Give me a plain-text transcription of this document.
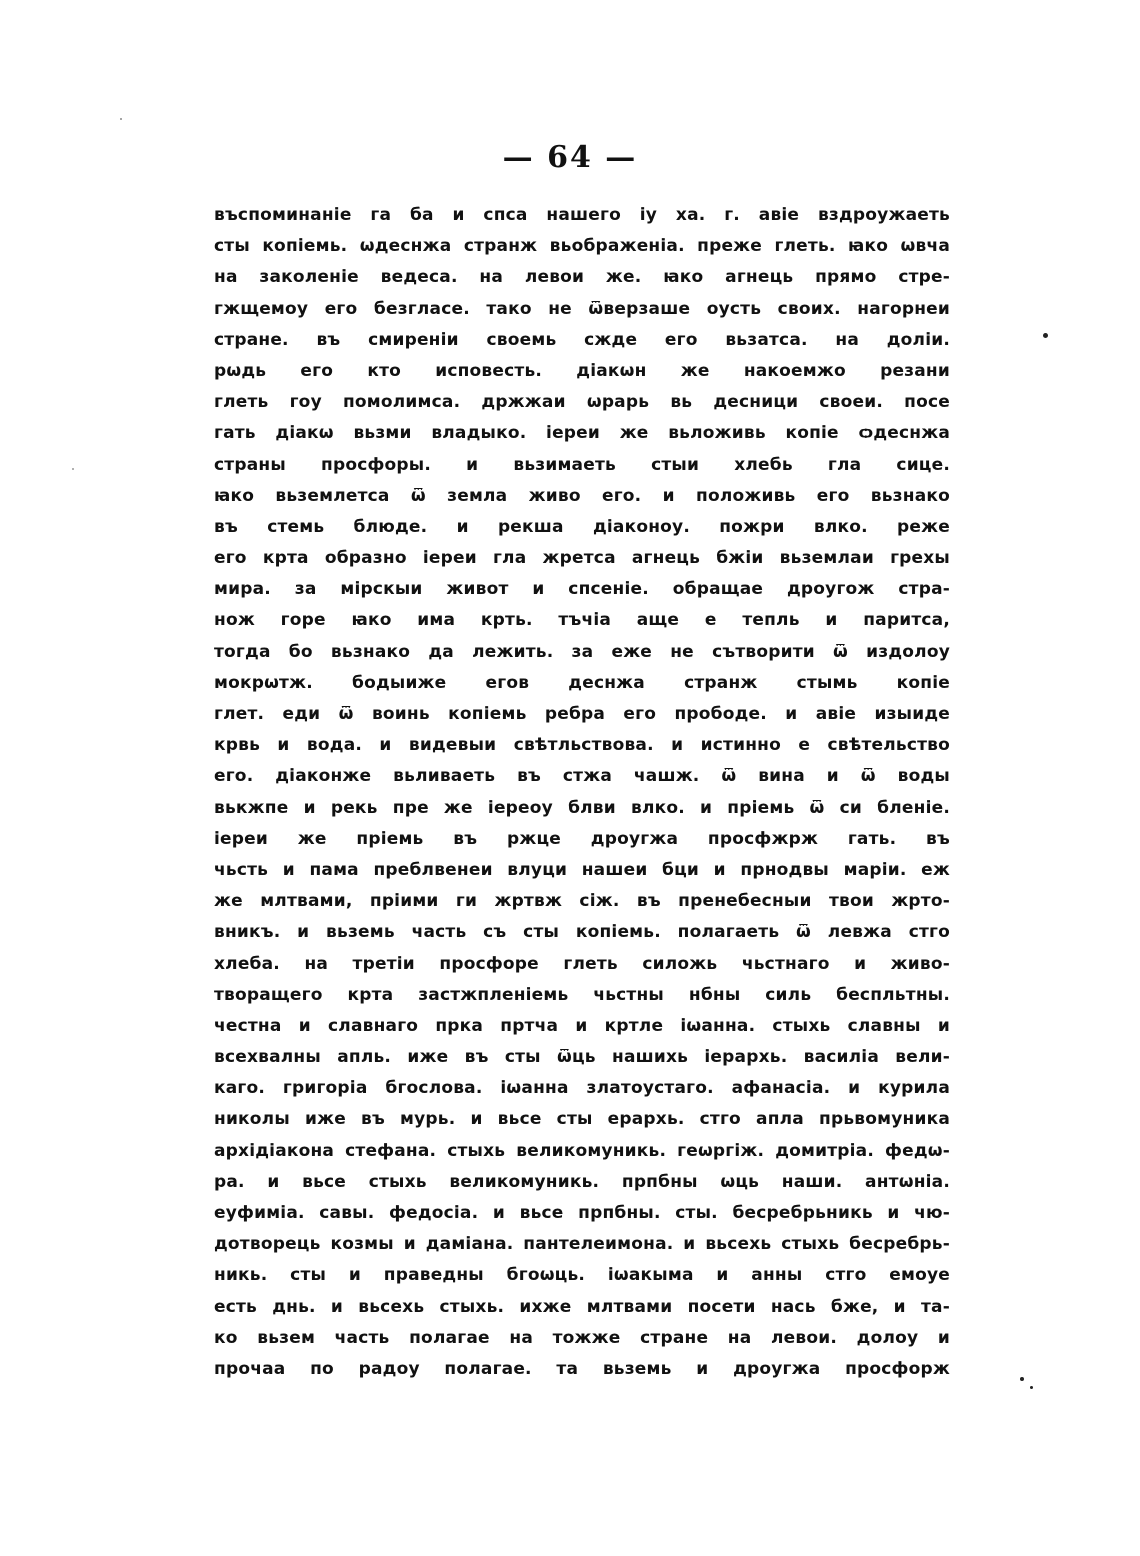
— 64 —
въспоминаніе га ба и спса нашего іу ха. г. авіе вздроужаеть
сты копіемь. ѡдеснжа странж вьображеніа. преже глеть. ꙗко ѡвча
на заколеніе ведеса. на левои же. ꙗко агнець прямо стре-
гжщемоу его безгласе. тако не ѿверзаше оусть своих. нагорнеи
стране. въ смиреніи своемь сжде его вьзатса. на доліи.
рѡдь его кто исповесть. діакѡн же накоемжо резани
глеть гоу помолимса. држжаи ѡрарь вь десници своеи. посе
гать діакѡ вьзми владыко. іереи же вьложивь копіе ѻдеснжа
страны просфоры. и вьзимаеть стыи хлебь гла сице.
ꙗко вьземлетса ѿ земла живо его. и положивь его вьзнако
въ стемь блюде. и рекша діаконоу. пожри влко. реже
его крта образно іереи гла жретса агнець бжіи вьземлаи грехы
мира. за мірскыи живот и спсеніе. обращае дроугож стра-
нож горе ꙗко има крть. тъчіа аще е тепль и паритса,
тогда бо вьзнако да лежить. за еже не сътворити ѿ издолоу
мокрѡтж. бодыиже егов деснжа странж стымь копіе
глет. еди ѿ воинь копіемь ребра его прободе. и авіе изыиде
крвь и вода. и видевыи свѣтльствова. и истинно е свѣтельство
его. діаконже вьливаеть въ стжа чашж. ѿ вина и ѿ воды
вькжпе и рекь пре же іереоу блви влко. и пріемь ѿ си бленіе.
іереи же пріемь въ ржце дроугжа просфжрж гать. въ
чьсть и пама преблвенеи влуци нашеи бци и прнодвы маріи. еж
же млтвами, пріими ги жртвж сіж. въ пренебесныи твои жрто-
вникъ. и вьземь часть съ сты копіемь. полагаеть ѿ левжа стго
хлеба. на третіи просфоре глеть силожь чьстнаго и живо-
творащего крта застжпленіемь чьстны нбны силь беспльтны.
честна и славнаго прка пртча и кртле іѡанна. стыхь славны и
всехвалны апль. иже въ сты ѿць нашихь іерархь. василіа вели-
каго. григоріа бгослова. іѡанна златоустаго. афанасіа. и курила
николы иже въ мурь. и вьсе сты ерархь. стго апла прьвомуника
архідіакона стефана. стыхь великомуникь. геѡргіж. домитріа. федѡ-
ра. и вьсе стыхь великомуникь. прпбны ѡць наши. антѡніа.
еуфиміа. савы. федосіа. и вьсе прпбны. сты. бесребрьникь и чю-
дотворець козмы и даміана. пантелеимона. и вьсехь стыхь бесребрь-
никь. сты и праведны бгоѡць. іѡакыма и анны стго емоуе
есть днь. и вьсехь стыхь. ихже млтвами посети нась бже, и та-
ко вьзем часть полагае на тожже стране на левои. долоу и
прочаа по радоу полагае. та вьземь и дроугжа просфорж
